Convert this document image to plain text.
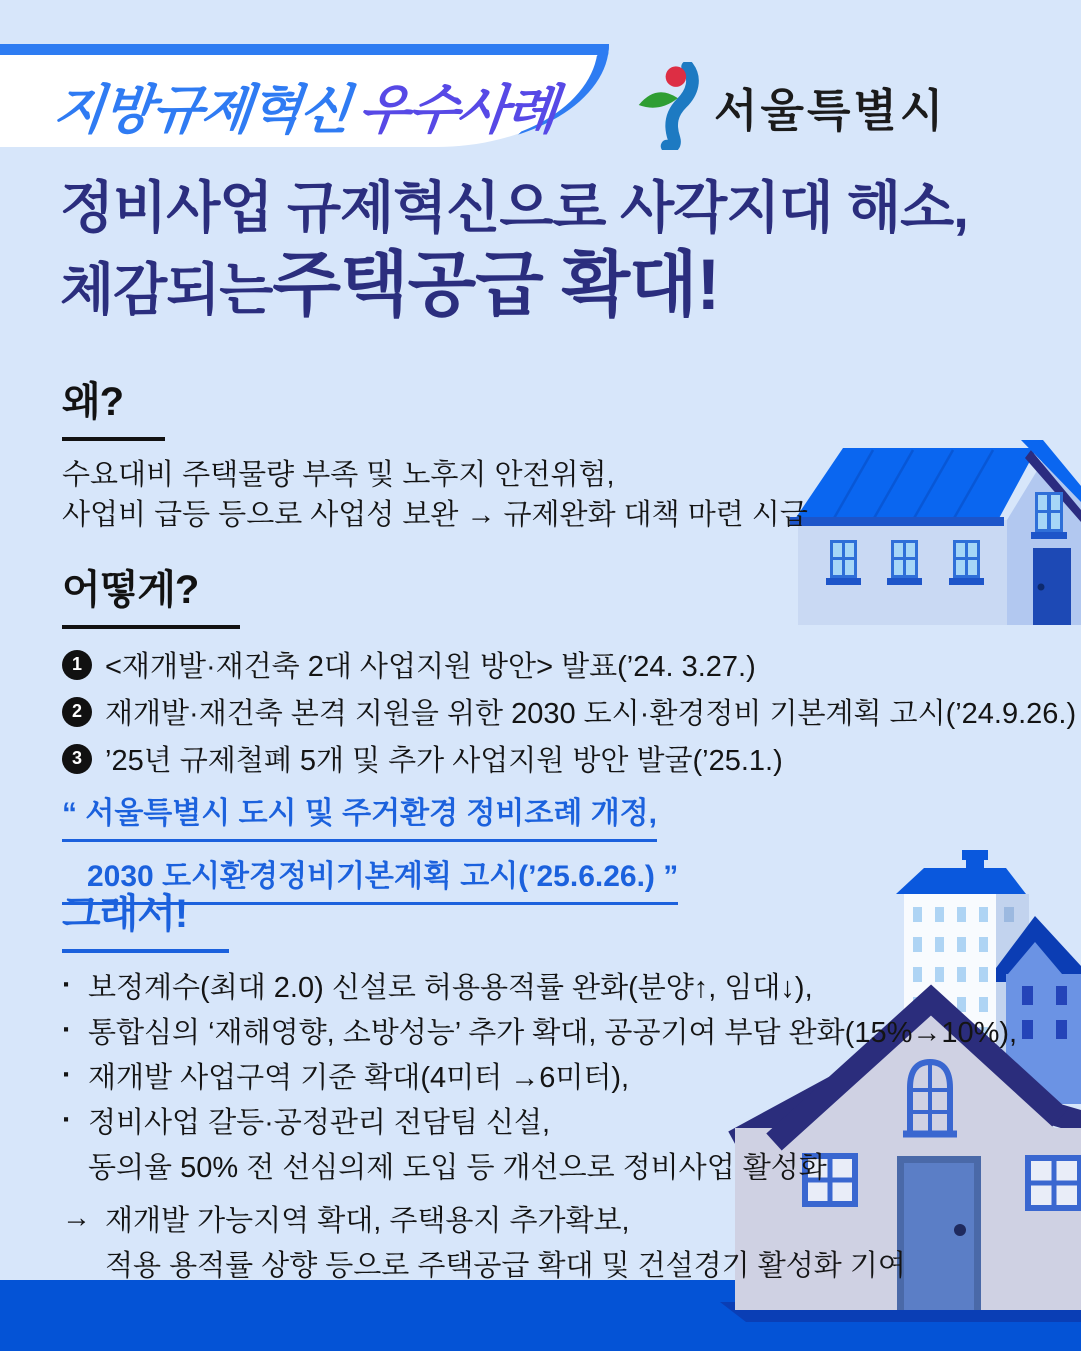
지방규제혁신우수사례	서울특별시
정비사업 규제혁신으로 사각지대 해소,
체감되는 주택공급 확대!
왜?
수요대비 주택물량 부족 및 노후지 안전위험,
사업비 급등 등으로 사업성 보완 → 규제완화 대책 마련 시급
어떻게?
1 <재개발·재건축 2대 사업지원 방안> 발표(’24. 3.27.)
2 재개발·재건축 본격 지원을 위한 2030 도시·환경정비 기본계획 고시(’24.9.26.)
3 ’25년 규제철폐 5개 및 추가 사업지원 방안 발굴(’25.1.)
“ 서울특별시 도시 및 주거환경 정비조례 개정,
2030 도시환경정비기본계획 고시(’25.6.26.) ”
그래서!
· 보정계수(최대 2.0) 신설로 허용용적률 완화(분양↑, 임대↓),
· 통합심의 ‘재해영향, 소방성능’ 추가 확대, 공공기여 부담 완화(15%→10%),
· 재개발 사업구역 기준 확대(4미터 →6미터),
· 정비사업 갈등·공정관리 전담팀 신설,
동의율 50% 전 선심의제 도입 등 개선으로 정비사업 활성화
→ 재개발 가능지역 확대, 주택용지 추가확보,
적용 용적률 상향 등으로 주택공급 확대 및 건설경기 활성화 기여
